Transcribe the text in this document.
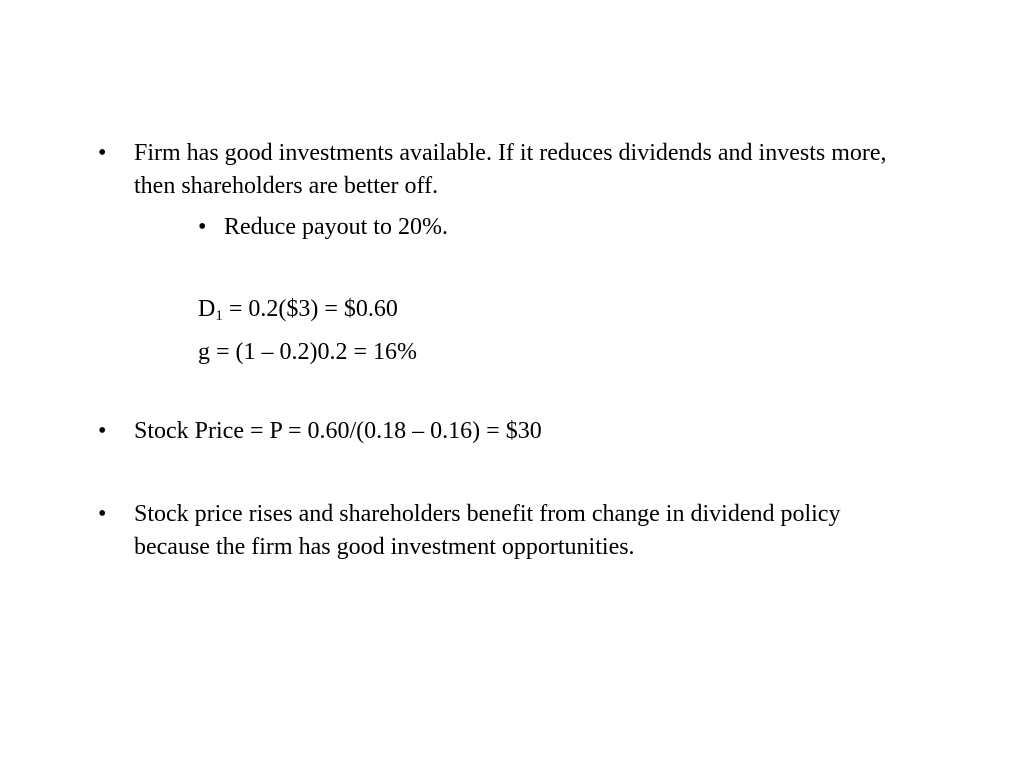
• Firm has good investments available. If it reduces dividends and invests more, then shareholders are better off.
• Reduce payout to 20%.
$D_1$ = 0.2($3) = $0.60
g = (1 – 0.2)0.2 = 16%
• Stock Price = P = 0.60/(0.18 – 0.16) = $30
• Stock price rises and shareholders benefit from change in dividend policy because the firm has good investment opportunities.
